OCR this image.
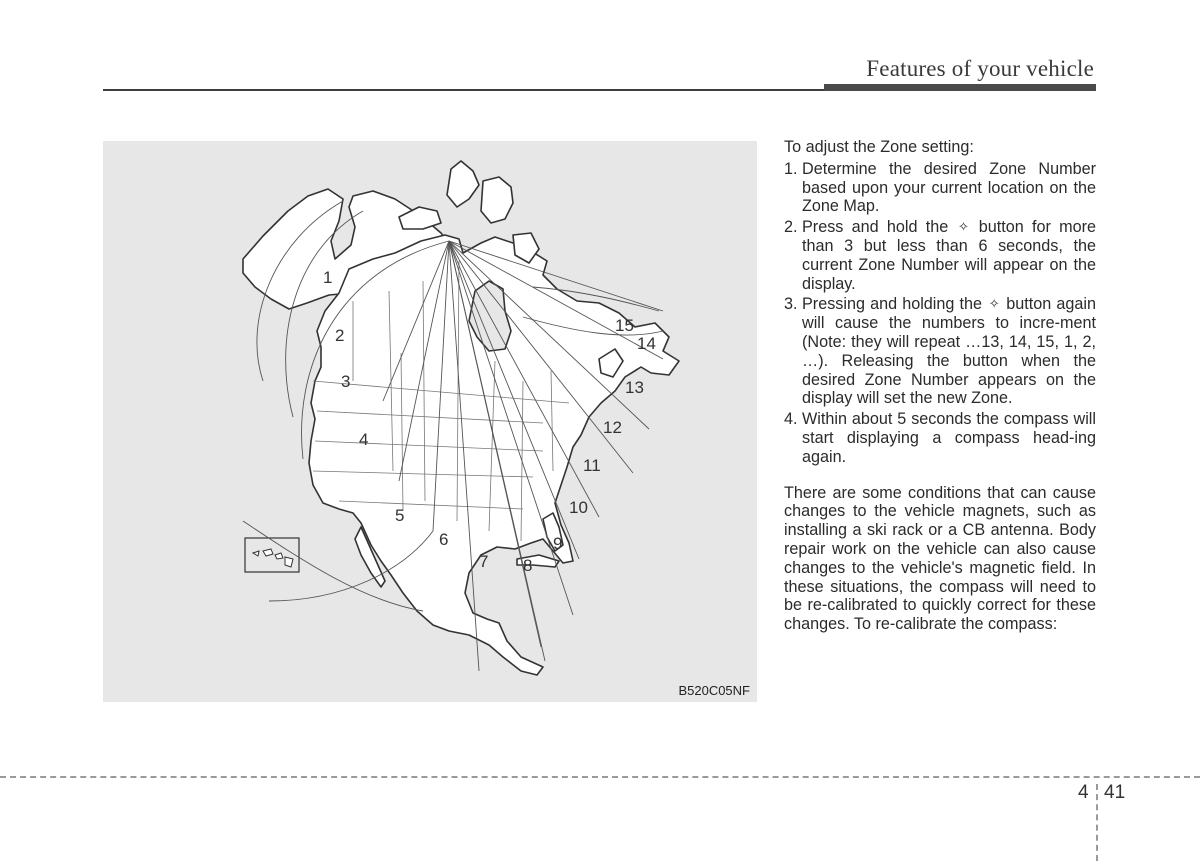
Features of your vehicle
1
2
3
4
5
6
7 8
9
10
11
12
13
14
15
B520C05NF

To adjust the Zone setting:

1. Determine the desired Zone Number based upon your current location on the Zone Map.
2. Press and hold the ✧ button for more than 3 but less than 6 seconds, the current Zone Number will appear on the display.
3. Pressing and holding the ✧ button again will cause the numbers to incre-ment (Note: they will repeat …13, 14, 15, 1, 2, …). Releasing the button when the desired Zone Number appears on the display will set the new Zone.
4. Within about 5 seconds the compass will start displaying a compass head-ing again.

There are some conditions that can cause changes to the vehicle magnets, such as installing a ski rack or a CB antenna. Body repair work on the vehicle can also cause changes to the vehicle's magnetic field. In these situations, the compass will need to be re-calibrated to quickly correct for these changes. To re-calibrate the compass:

4 41
